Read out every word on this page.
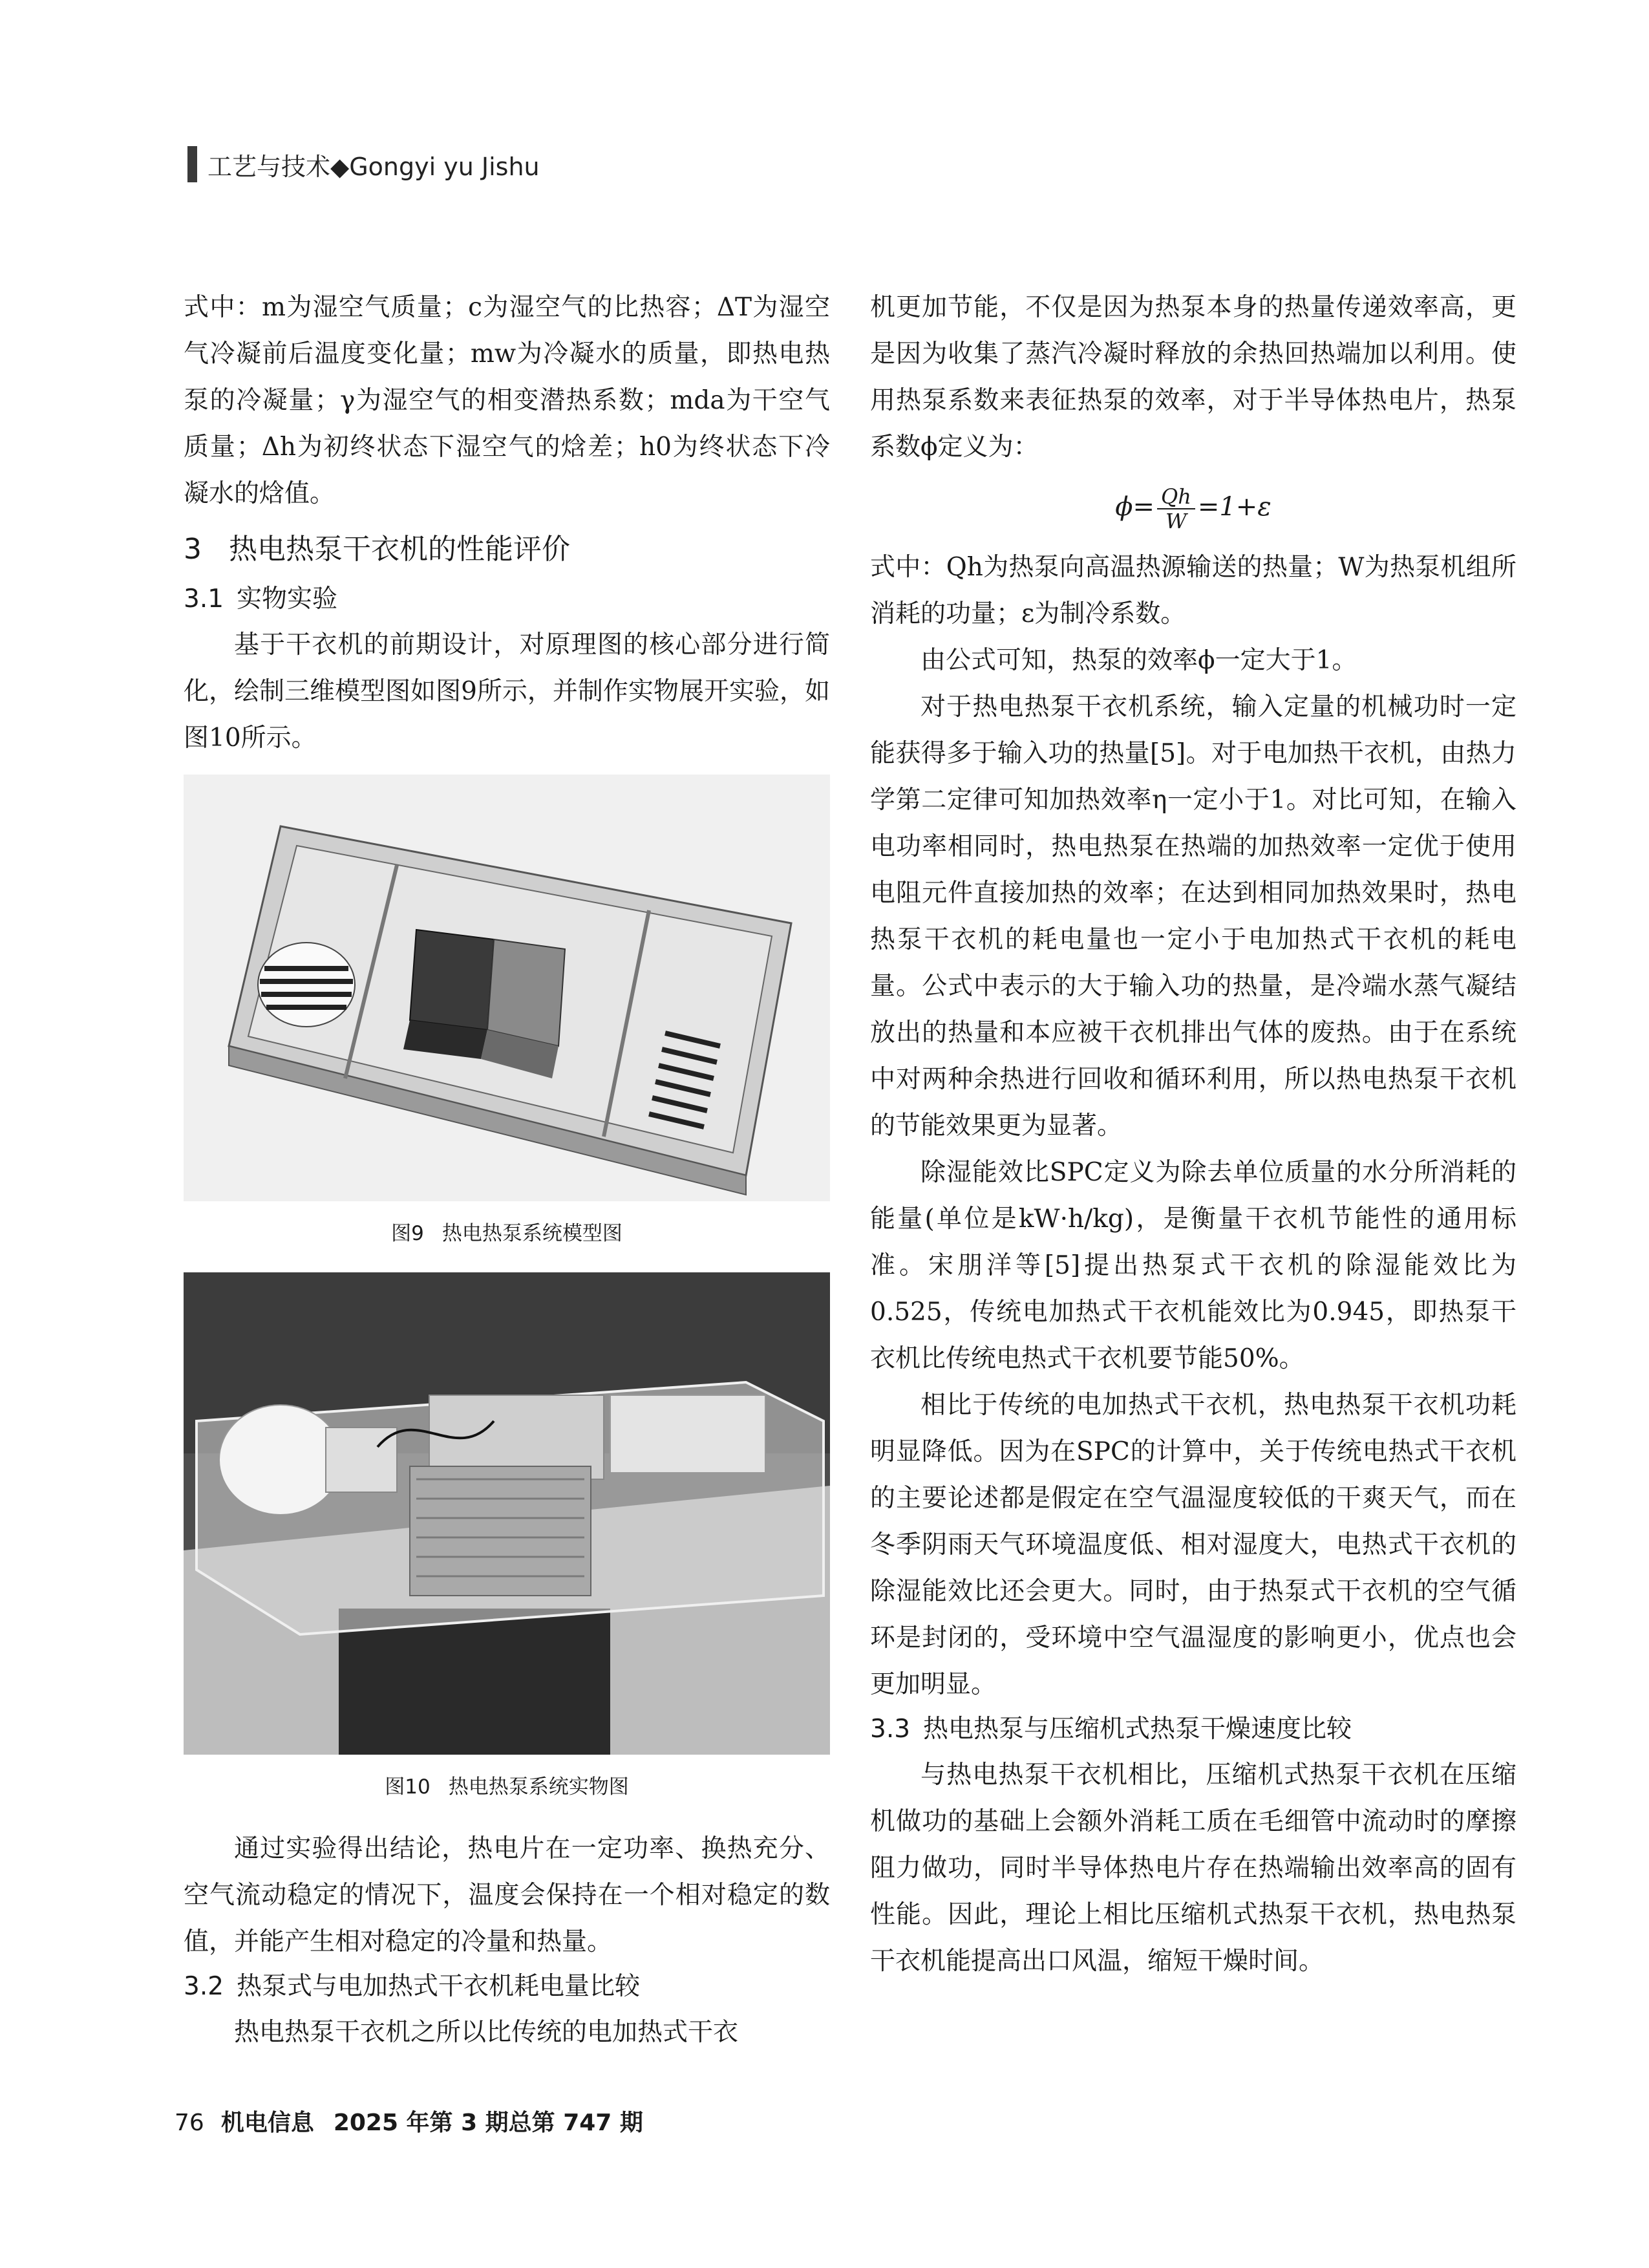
工艺与技术◆Gongyi yu Jishu

式中：m为湿空气质量；c为湿空气的比热容；ΔT为湿空气冷凝前后温度变化量；mw为冷凝水的质量，即热电热泵的冷凝量；γ为湿空气的相变潜热系数；mda为干空气质量；Δh为初终状态下湿空气的焓差；h0为终状态下冷凝水的焓值。

3 热电热泵干衣机的性能评价
3.1 实物实验

基于干衣机的前期设计，对原理图的核心部分进行简化，绘制三维模型图如图9所示，并制作实物展开实验，如图10所示。

图9 热电热泵系统模型图
图10 热电热泵系统实物图

通过实验得出结论，热电片在一定功率、换热充分、空气流动稳定的情况下，温度会保持在一个相对稳定的数值，并能产生相对稳定的冷量和热量。

3.2 热泵式与电加热式干衣机耗电量比较

热电热泵干衣机之所以比传统的电加热式干衣

机更加节能，不仅是因为热泵本身的热量传递效率高，更是因为收集了蒸汽冷凝时释放的余热回热端加以利用。使用热泵系数来表征热泵的效率，对于半导体热电片，热泵系数ϕ定义为：

$\phi= \frac{Qh}{W} =1+\varepsilon$

式中：Qh为热泵向高温热源输送的热量；W为热泵机组所消耗的功量；ε为制冷系数。

由公式可知，热泵的效率ϕ一定大于1。

对于热电热泵干衣机系统，输入定量的机械功时一定能获得多于输入功的热量[5]。对于电加热干衣机，由热力学第二定律可知加热效率η一定小于1。对比可知，在输入电功率相同时，热电热泵在热端的加热效率一定优于使用电阻元件直接加热的效率；在达到相同加热效果时，热电热泵干衣机的耗电量也一定小于电加热式干衣机的耗电量。公式中表示的大于输入功的热量，是冷端水蒸气凝结放出的热量和本应被干衣机排出气体的废热。由于在系统中对两种余热进行回收和循环利用，所以热电热泵干衣机的节能效果更为显著。

除湿能效比SPC定义为除去单位质量的水分所消耗的能量(单位是kW·h/kg)，是衡量干衣机节能性的通用标准。宋朋洋等[5]提出热泵式干衣机的除湿能效比为0.525，传统电加热式干衣机能效比为0.945，即热泵干衣机比传统电热式干衣机要节能50%。

相比于传统的电加热式干衣机，热电热泵干衣机功耗明显降低。因为在SPC的计算中，关于传统电热式干衣机的主要论述都是假定在空气温湿度较低的干爽天气，而在冬季阴雨天气环境温度低、相对湿度大，电热式干衣机的除湿能效比还会更大。同时，由于热泵式干衣机的空气循环是封闭的，受环境中空气温湿度的影响更小，优点也会更加明显。

3.3 热电热泵与压缩机式热泵干燥速度比较

与热电热泵干衣机相比，压缩机式热泵干衣机在压缩机做功的基础上会额外消耗工质在毛细管中流动时的摩擦阻力做功，同时半导体热电片存在热端输出效率高的固有性能。因此，理论上相比压缩机式热泵干衣机，热电热泵干衣机能提高出口风温，缩短干燥时间。

76 机电信息 2025 年第 3 期总第 747 期
